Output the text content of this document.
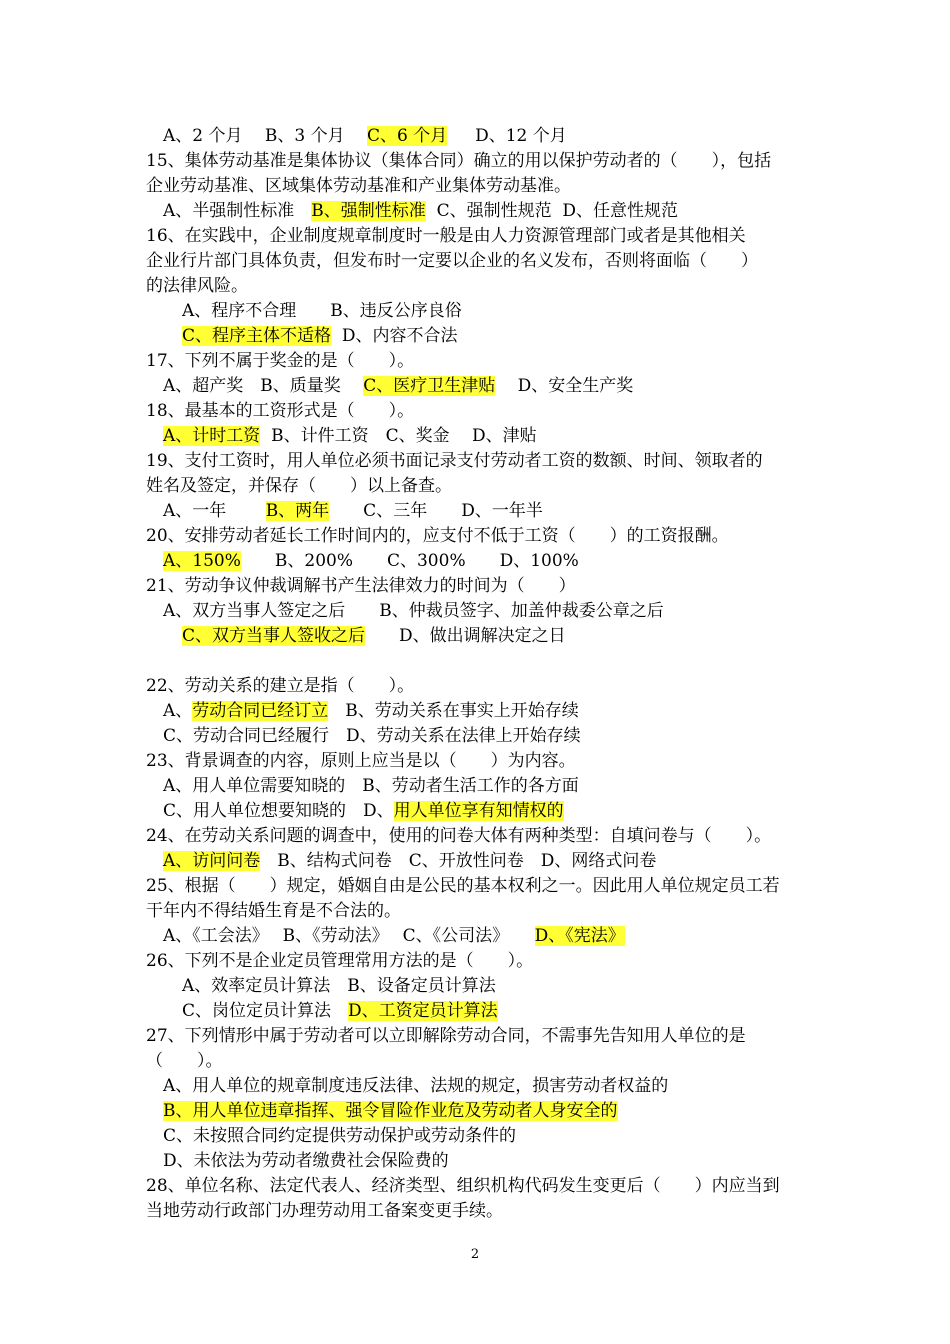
A、2 个月　 B、3 个月　 C、6 个月 　 D、12 个月
15、集体劳动基准是集体协议（集体合同）确立的用以保护劳动者的（　　），包括
企业劳动基准、区域集体劳动基准和产业集体劳动基准。
A、半强制性标准　B、强制性标准  C、强制性规范  D、任意性规范
16、在实践中，企业制度规章制度时一般是由人力资源管理部门或者是其他相关
企业行片部门具体负责，但发布时一定要以企业的名义发布，否则将面临（　　）
的法律风险。
A、程序不合理　　B、违反公序良俗
C、程序主体不适格  D、内容不合法
17、下列不属于奖金的是（　　）。
A、超产奖　B、质量奖　 C、医疗卫生津贴　 D、安全生产奖
18、最基本的工资形式是（　　）。
A、计时工资  B、计件工资　C、奖金　 D、津贴
19、支付工资时，用人单位必须书面记录支付劳动者工资的数额、时间、领取者的
姓名及签定，并保存（　　）以上备查。
A、一年　　 B、两年　　C、三年　　D、一年半
20、安排劳动者延长工作时间内的，应支付不低于工资（　　）的工资报酬。
A、150%　　B、200%　　C、300%　　D、100%
21、劳动争议仲裁调解书产生法律效力的时间为（　　）
A、双方当事人签定之后　　B、仲裁员签字、加盖仲裁委公章之后
C、双方当事人签收之后　　D、做出调解决定之日
22、劳动关系的建立是指（　　）。
A、劳动合同已经订立　B、劳动关系在事实上开始存续
C、劳动合同已经履行　D、劳动关系在法律上开始存续
23、背景调查的内容，原则上应当是以（　　）为内容。
A、用人单位需要知晓的　B、劳动者生活工作的各方面
C、用人单位想要知晓的　D、用人单位享有知情权的
24、在劳动关系问题的调查中，使用的问卷大体有两种类型：自填问卷与（　　）。
A、访问问卷　B、结构式问卷　C、开放性问卷　D、网络式问卷
25、根据（　　）规定，婚姻自由是公民的基本权利之一。因此用人单位规定员工若
干年内不得结婚生育是不合法的。
A、《工会法》　 B、《劳动法》　 C、《公司法》　　D、《宪法》
26、下列不是企业定员管理常用方法的是（　　）。
A、效率定员计算法　B、设备定员计算法
C、岗位定员计算法　D、工资定员计算法
27、下列情形中属于劳动者可以立即解除劳动合同，不需事先告知用人单位的是
（　　）。
A、用人单位的规章制度违反法律、法规的规定，损害劳动者权益的
B、用人单位违章指挥、强令冒险作业危及劳动者人身安全的
C、未按照合同约定提供劳动保护或劳动条件的
D、未依法为劳动者缴费社会保险费的
28、单位名称、法定代表人、经济类型、组织机构代码发生变更后（　　）内应当到
当地劳动行政部门办理劳动用工备案变更手续。
2
